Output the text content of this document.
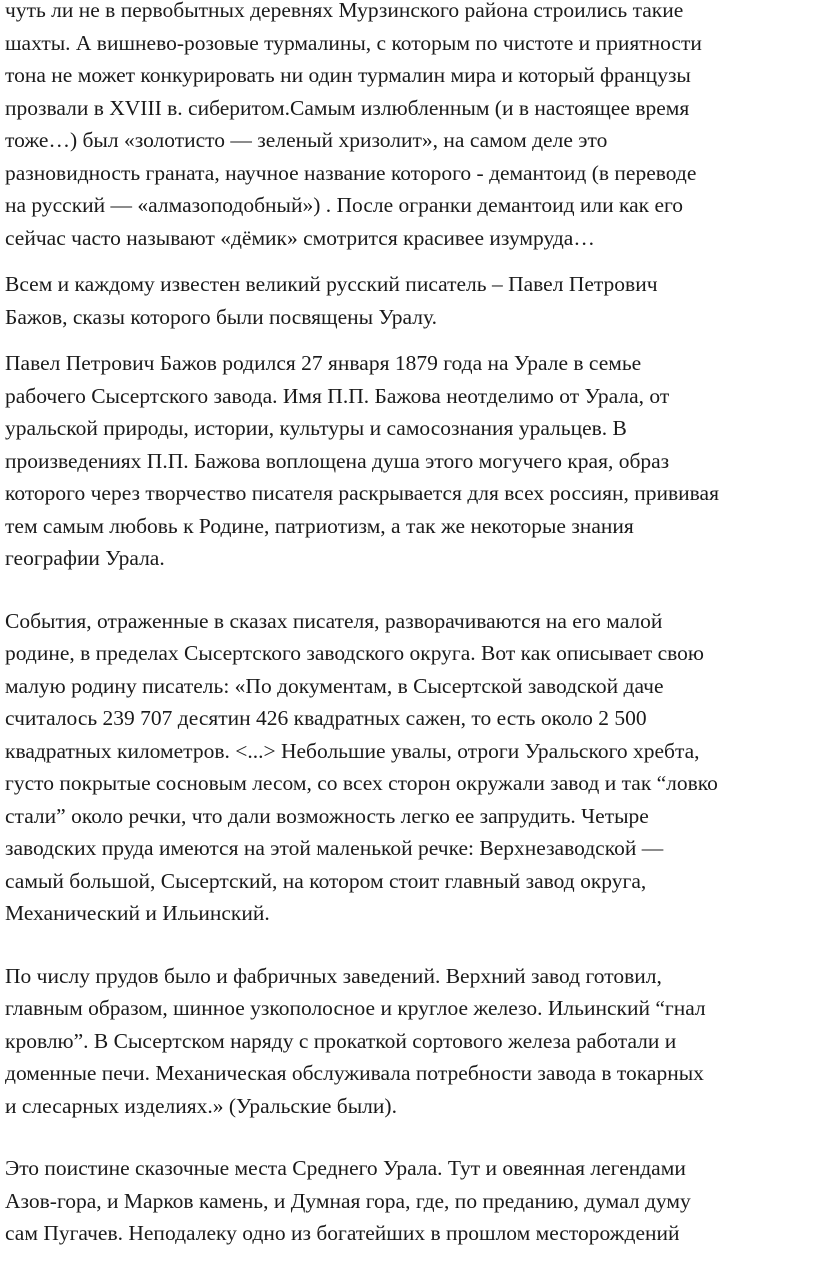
чуть ли не в первобытных деревнях Мурзинского района строились такие
шахты. А вишнево-розовые турмалины, с которым по чистоте и приятности
тона не может конкурировать ни один турмалин мира и который французы
прозвали в XVIII в. сиберитом.Самым излюбленным (и в настоящее время
тоже…) был «золотисто — зеленый хризолит», на самом деле это
разновидность граната, научное название которого - демантоид (в переводе
на русский — «алмазоподобный») . После огранки демантоид или как его
сейчас часто называют «дёмик» смотрится красивее изумруда…

Всем и каждому известен великий русский писатель – Павел Петрович
Бажов, сказы которого были посвящены Уралу.

Павел Петрович Бажов родился 27 января 1879 года на Урале в семье
рабочего Сысертского завода. Имя П.П. Бажова неотделимо от Урала, от
уральской природы, истории, культуры и самосознания уральцев. В
произведениях П.П. Бажова воплощена душа этого могучего края, образ
которого через творчество писателя раскрывается для всех россиян, прививая
тем самым любовь к Родине, патриотизм, а так же некоторые знания
географии Урала.

События, отраженные в сказах писателя, разворачиваются на его малой
родине, в пределах Сысертского заводского округа. Вот как описывает свою
малую родину писатель: «По документам, в Сысертской заводской даче
считалось 239 707 десятин 426 квадратных сажен, то есть около 2 500
квадратных километров. <...> Небольшие увалы, отроги Уральского хребта,
густо покрытые сосновым лесом, со всех сторон окружали завод и так “ловко
стали” около речки, что дали возможность легко ее запрудить. Четыре
заводских пруда имеются на этой маленькой речке: Верхнезаводской —
самый большой, Сысертский, на котором стоит главный завод округа,
Механический и Ильинский.

По числу прудов было и фабричных заведений. Верхний завод готовил,
главным образом, шинное узкополосное и круглое железо. Ильинский “гнал
кровлю”. В Сысертском наряду с прокаткой сортового железа работали и
доменные печи. Механическая обслуживала потребности завода в токарных
и слесарных изделиях.» (Уральские были).

Это поистине сказочные места Среднего Урала. Тут и овеянная легендами
Азов-гора, и Марков камень, и Думная гора, где, по преданию, думал думу
сам Пугачев. Неподалеку одно из богатейших в прошлом месторождений
